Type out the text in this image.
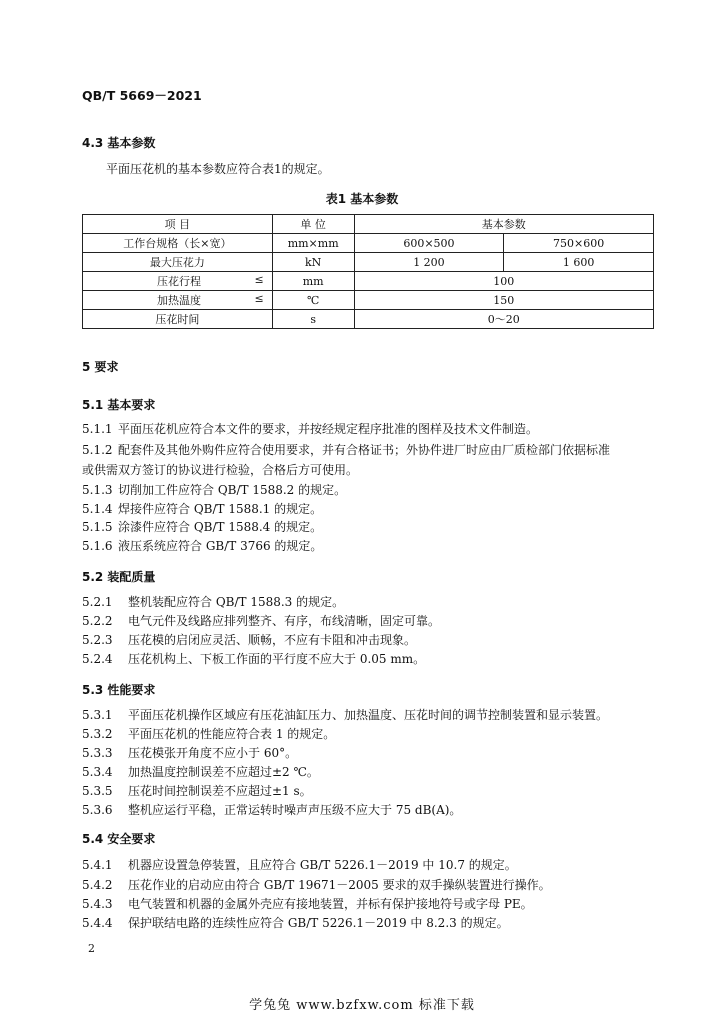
QB/T 5669－2021
4.3 基本参数
平面压花机的基本参数应符合表1的规定。
表1 基本参数
项 目	单 位	基本参数	
工作台规格（长×宽）	mm×mm	600×500	750×600
最大压花力	kN	1 200	1 600

压花行程 ≤	mm	100	

加热温度 ≤	℃	150	
压花时间	s	0～20	
5 要求
5.1 基本要求
5.1.1 平面压花机应符合本文件的要求，并按经规定程序批准的图样及技术文件制造。
5.1.2 配套件及其他外购件应符合使用要求，并有合格证书；外协件进厂时应由厂质检部门依据标准
或供需双方签订的协议进行检验，合格后方可使用。
5.1.3 切削加工件应符合 QB/T 1588.2 的规定。
5.1.4 焊接件应符合 QB/T 1588.1 的规定。
5.1.5 涂漆件应符合 QB/T 1588.4 的规定。
5.1.6 液压系统应符合 GB/T 3766 的规定。
5.2 装配质量
5.2.1 整机装配应符合 QB/T 1588.3 的规定。
5.2.2 电气元件及线路应排列整齐、有序，布线清晰，固定可靠。
5.2.3 压花模的启闭应灵活、顺畅，不应有卡阻和冲击现象。
5.2.4 压花机构上、下板工作面的平行度不应大于 0.05 mm。
5.3 性能要求
5.3.1 平面压花机操作区域应有压花油缸压力、加热温度、压花时间的调节控制装置和显示装置。
5.3.2 平面压花机的性能应符合表 1 的规定。
5.3.3 压花模张开角度不应小于 60°。
5.3.4 加热温度控制误差不应超过±2 ℃。
5.3.5 压花时间控制误差不应超过±1 s。
5.3.6 整机应运行平稳，正常运转时噪声声压级不应大于 75 dB(A)。
5.4 安全要求
5.4.1 机器应设置急停装置，且应符合 GB/T 5226.1－2019 中 10.7 的规定。
5.4.2 压花作业的启动应由符合 GB/T 19671－2005 要求的双手操纵装置进行操作。
5.4.3 电气装置和机器的金属外壳应有接地装置，并标有保护接地符号或字母 PE。
5.4.4 保护联结电路的连续性应符合 GB/T 5226.1－2019 中 8.2.3 的规定。
2
学兔兔 www.bzfxw.com 标准下载
